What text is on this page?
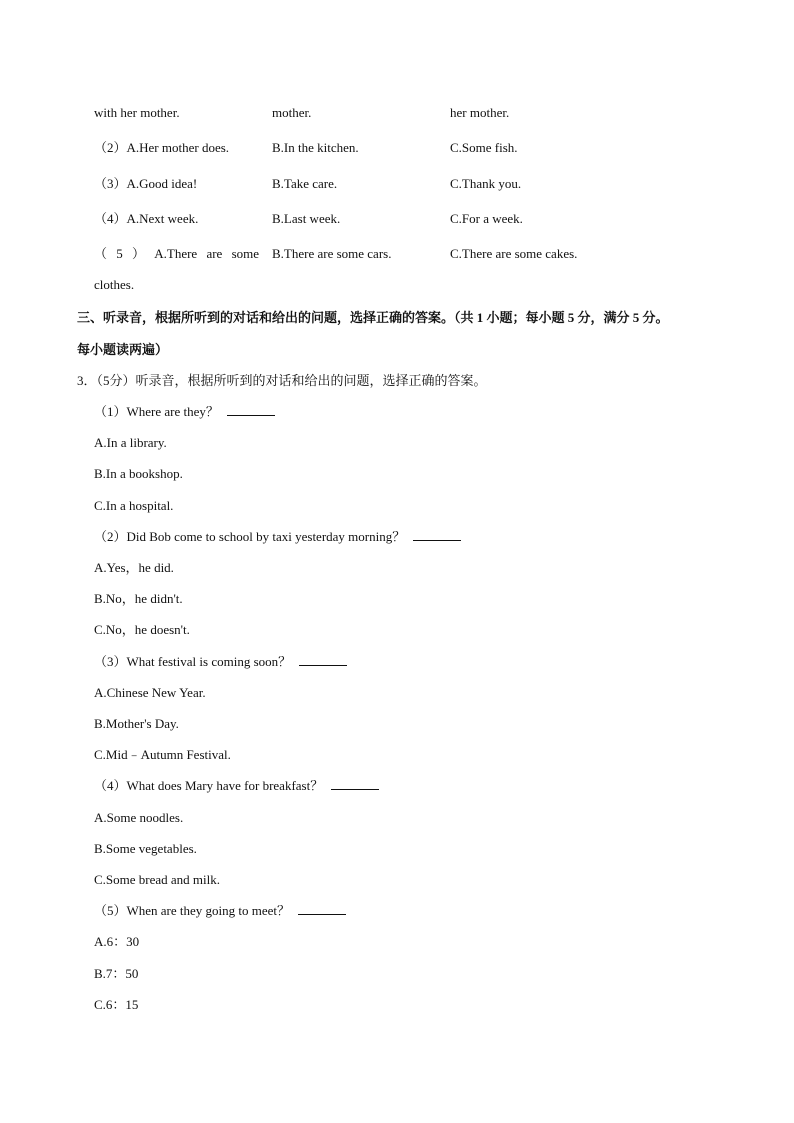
with her mother.	mother.	her mother.
（2）A.Her mother does.	B.In the kitchen.	C.Some fish.
（3）A.Good idea!	B.Take care.	C.Thank you.
（4）A.Next week.	B.Last week.	C.For a week.
（ 5 ） A.There are some B.There are some cars.	C.There are some cakes.
clothes.
三、听录音，根据所听到的对话和给出的问题，选择正确的答案。（共 1 小题；每小题 5 分，满分 5 分。
每小题读两遍）
3．（5分）听录音，根据所听到的对话和给出的问题，选择正确的答案。
（1）Where are they？
A.In a library.
B.In a bookshop.
C.In a hospital.
（2）Did Bob come to school by taxi yesterday morning？
A.Yes，he did.
B.No，he didn't.
C.No，he doesn't.
（3）What festival is coming soon？
A.Chinese New Year.
B.Mother's Day.
C.Mid﹣Autumn Festival.
（4）What does Mary have for breakfast？
A.Some noodles.
B.Some vegetables.
C.Some bread and milk.
（5）When are they going to meet？
A.6：30
B.7：50
C.6：15
